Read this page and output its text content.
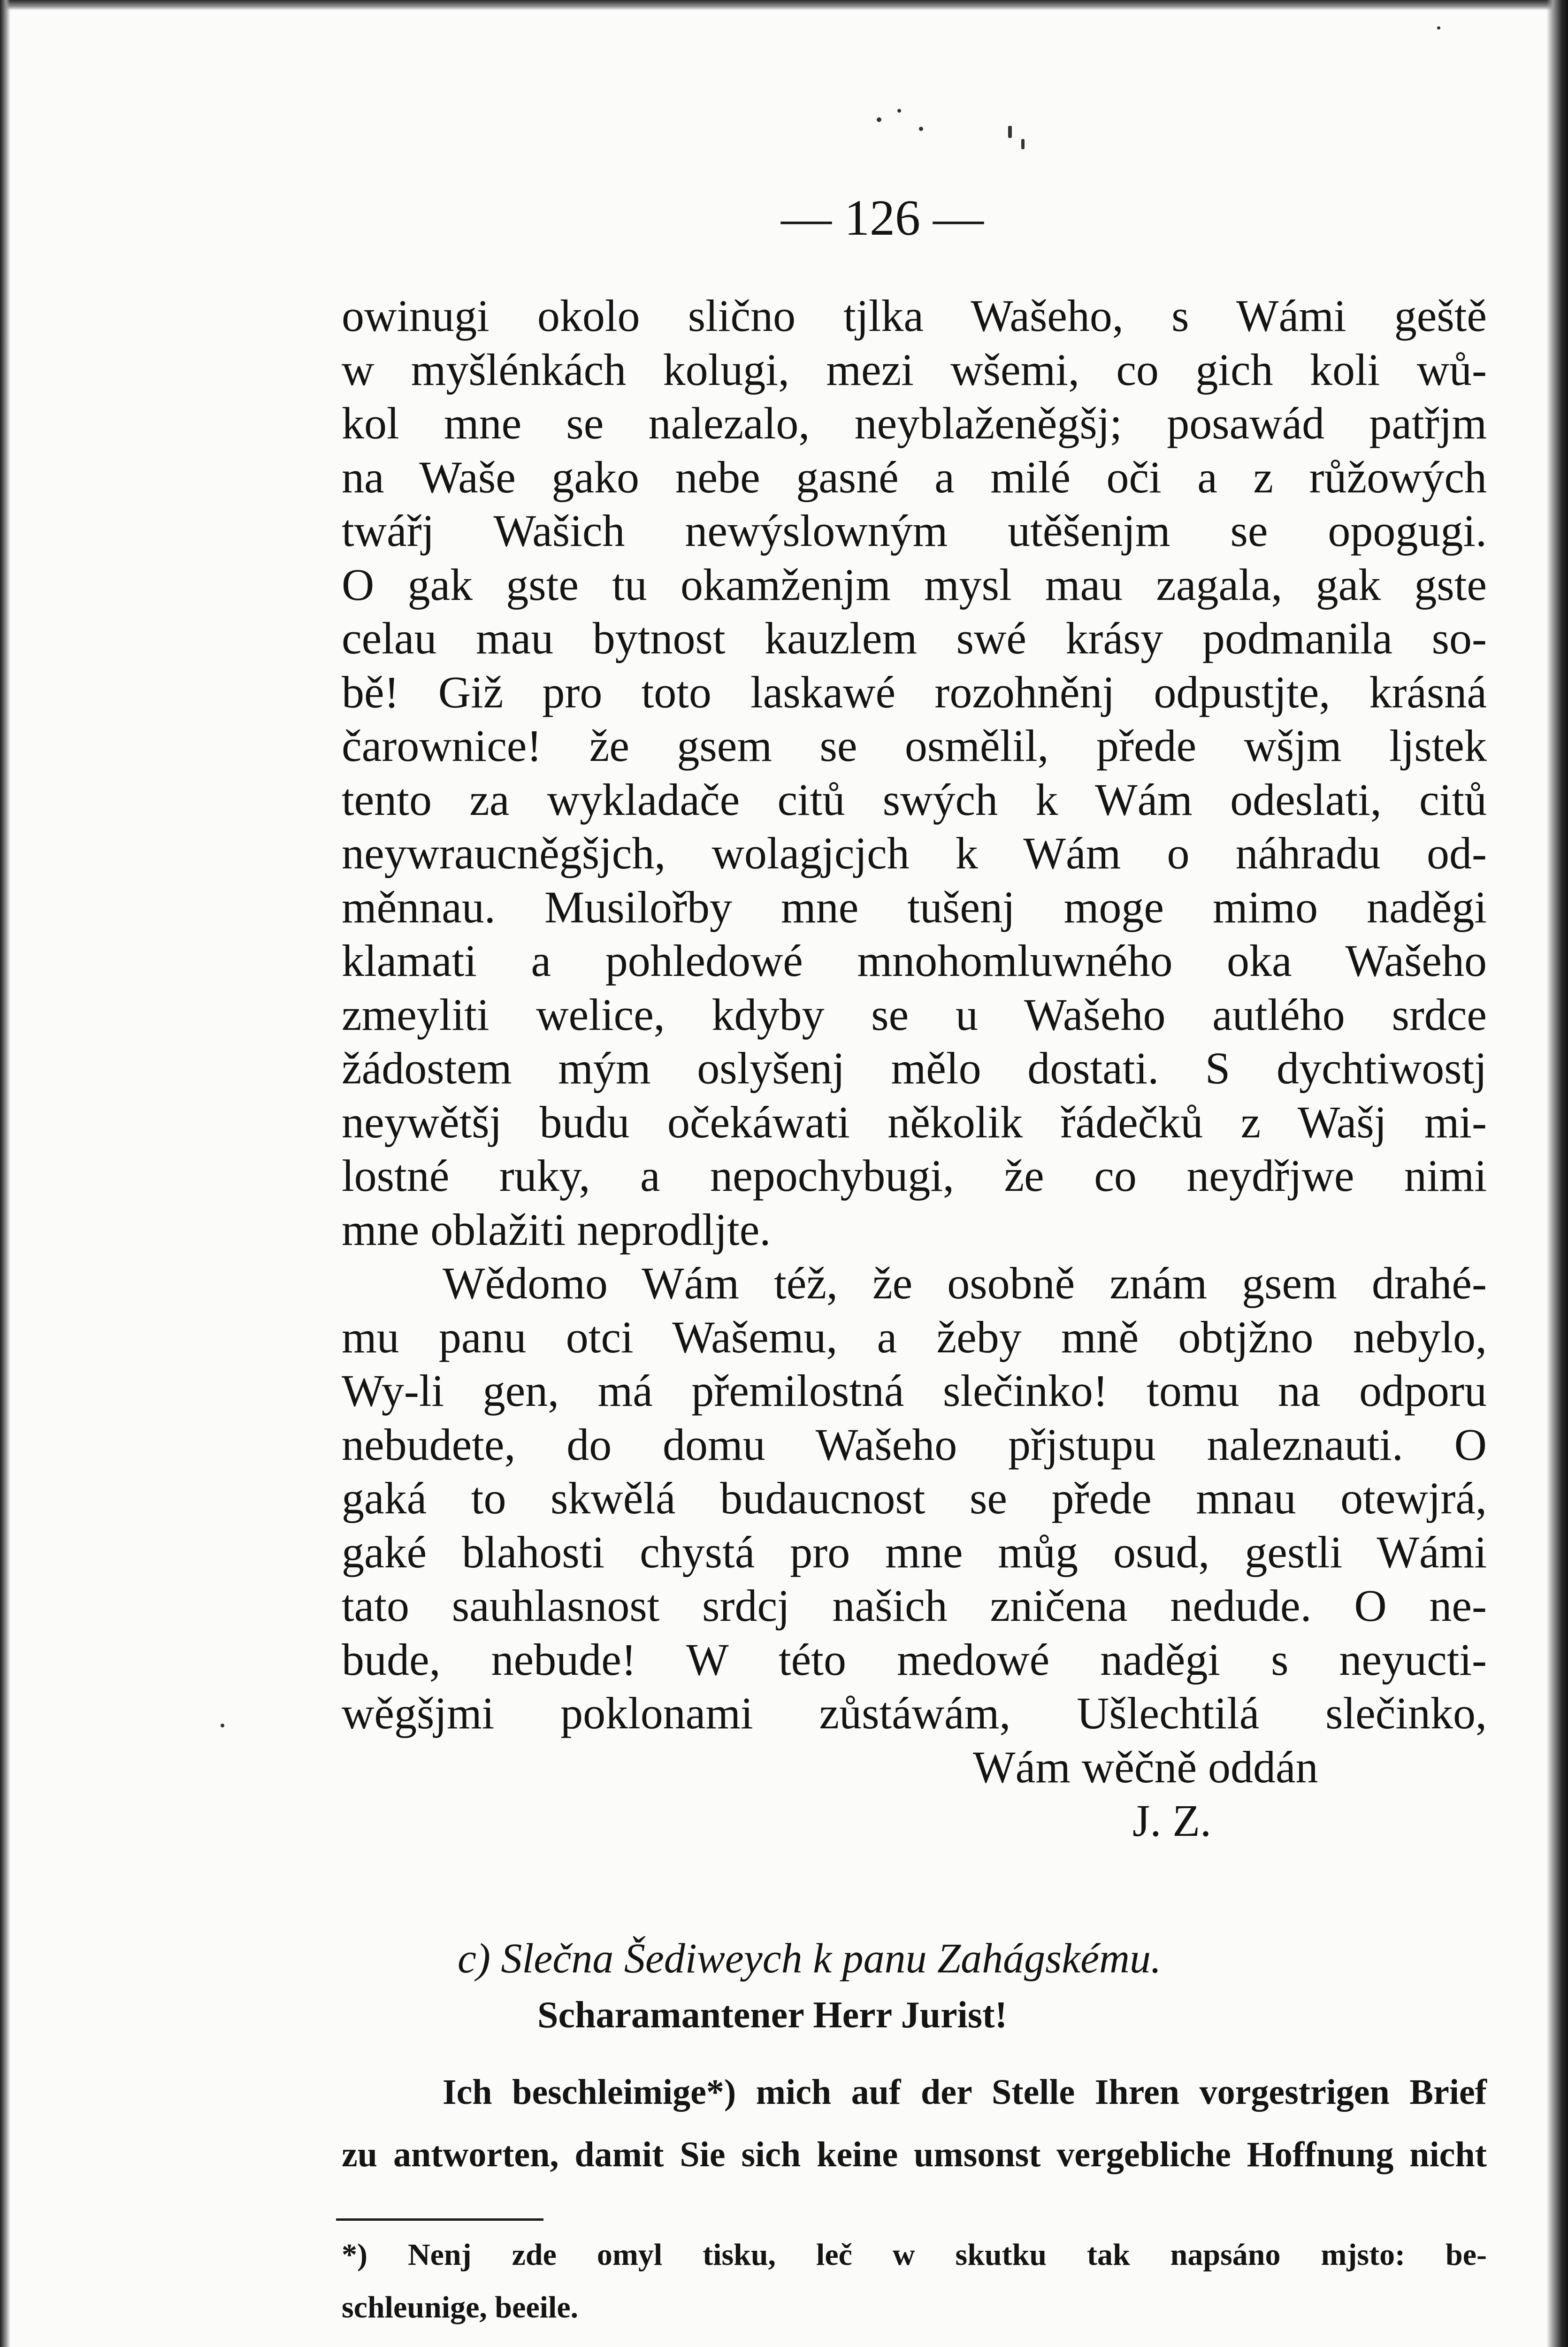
— 126 —
owinugi okolo slično tjlka Wašeho, s Wámi geště
w myšlénkách kolugi, mezi wšemi, co gich koli wů-
kol mne se nalezalo, neyblaženěgšj; posawád patřjm
na Waše gako nebe gasné a milé oči a z růžowých
twářj Wašich newýslowným utěšenjm se opogugi.
O gak gste tu okamženjm mysl mau zagala, gak gste
celau mau bytnost kauzlem swé krásy podmanila so-
bě! Giž pro toto laskawé rozohněnj odpustjte, krásná
čarownice! že gsem se osmělil, přede wšjm ljstek
tento za wykladače citů swých k Wám odeslati, citů
neywraucněgšjch, wolagjcjch k Wám o náhradu od-
měnnau. Musilořby mne tušenj moge mimo naděgi
klamati a pohledowé mnohomluwného oka Wašeho
zmeyliti welice, kdyby se u Wašeho autlého srdce
žádostem mým oslyšenj mělo dostati. S dychtiwostj
neywětšj budu očekáwati několik řádečků z Wašj mi-
lostné ruky, a nepochybugi, že co neydřjwe nimi
mne oblažiti neprodljte.
Wědomo Wám též, že osobně znám gsem drahé-
mu panu otci Wašemu, a žeby mně obtjžno nebylo,
Wy-li gen, má přemilostná slečinko! tomu na odporu
nebudete, do domu Wašeho přjstupu naleznauti. O
gaká to skwělá budaucnost se přede mnau otewjrá,
gaké blahosti chystá pro mne můg osud, gestli Wámi
tato sauhlasnost srdcj našich zničena nedude. O ne-
bude, nebude! W této medowé naděgi s neyucti-
wěgšjmi poklonami zůstáwám, Ušlechtilá slečinko,
Wám wěčně oddán
J. Z.
c) Slečna Šediweych k panu Zahágskému.
Scharamantener Herr Jurist!
Ich beschleimige*) mich auf der Stelle Ihren vorgestrigen Brief
zu antworten, damit Sie sich keine umsonst vergebliche Hoffnung nicht
*) Nenj zde omyl tisku, leč w skutku tak napsáno mjsto: be-
schleunige, beeile.
